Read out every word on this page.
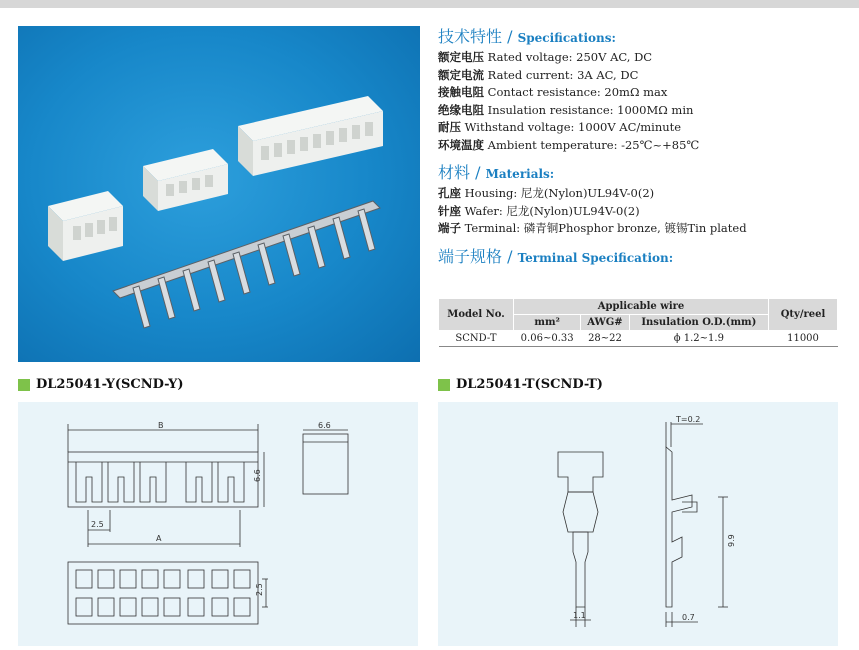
技术特性 / Specifications:
额定电压 Rated voltage: 250V AC, DC
额定电流 Rated current: 3A AC, DC
接触电阻 Contact resistance: 20mΩ max
绝缘电阻 Insulation resistance: 1000MΩ min
耐压 Withstand voltage: 1000V AC/minute
环境温度 Ambient temperature: -25℃~+85℃
材料 / Materials:
孔座 Housing: 尼龙(Nylon)UL94V-0(2)
针座 Wafer: 尼龙(Nylon)UL94V-0(2)
端子 Terminal: 磷青铜Phosphor bronze, 镀锡Tin plated
端子规格 / Terminal Specification:
Model No.	Applicable wire			Qty/reel
	mm²	AWG#	Insulation O.D.(mm)	
SCND-T	0.06~0.33	28~22	ϕ 1.2~1.9	11000
DL25041-Y(SCND-Y)	DL25041-T(SCND-T)
B
6.6
2.5
A
6.6
2.5
1.1
T=0.2
9.9
0.7
